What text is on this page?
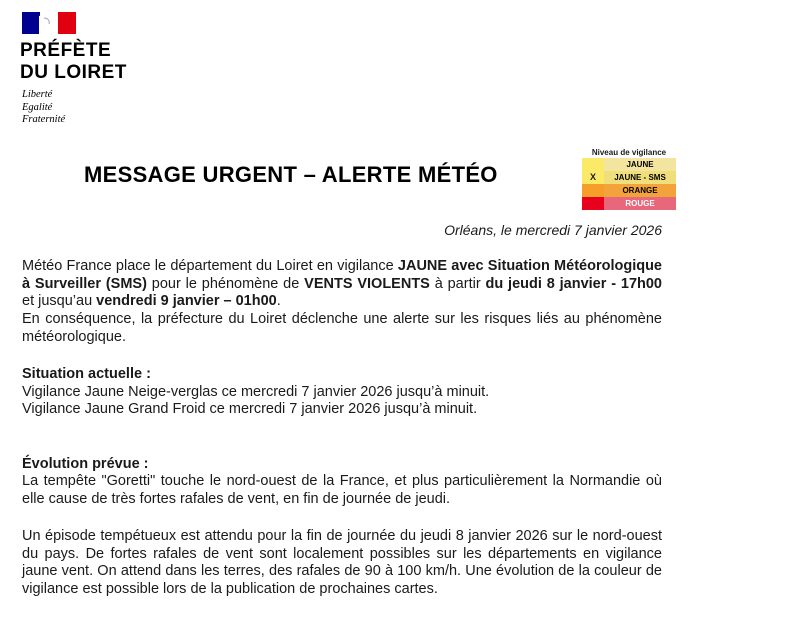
PRÉFÈTE
DU LOIRET
Liberté
Egalité
Fraternité
MESSAGE URGENT – ALERTE MÉTÉO
Niveau de vigilance
JAUNE
X	JAUNE - SMS
ORANGE
ROUGE
Orléans, le mercredi 7 janvier 2026

Météo France place le département du Loiret en vigilance JAUNE avec Situation Météorologique à Surveiller (SMS) pour le phénomène de VENTS VIOLENTS à partir du jeudi 8 janvier - 17h00 et jusqu’au vendredi 9 janvier – 01h00.

En conséquence, la préfecture du Loiret déclenche une alerte sur les risques liés au phénomène météorologique.

Situation actuelle :
Vigilance Jaune Neige-verglas ce mercredi 7 janvier 2026 jusqu’à minuit.
Vigilance Jaune Grand Froid ce mercredi 7 janvier 2026 jusqu’à minuit.
Évolution prévue :

La tempête "Goretti" touche le nord-ouest de la France, et plus particulièrement la Normandie où elle cause de très fortes rafales de vent, en fin de journée de jeudi.

Un épisode tempétueux est attendu pour la fin de journée du jeudi 8 janvier 2026 sur le nord-ouest du pays. De fortes rafales de vent sont localement possibles sur les départements en vigilance jaune vent. On attend dans les terres, des rafales de 90 à 100 km/h. Une évolution de la couleur de vigilance est possible lors de la publication de prochaines cartes.
